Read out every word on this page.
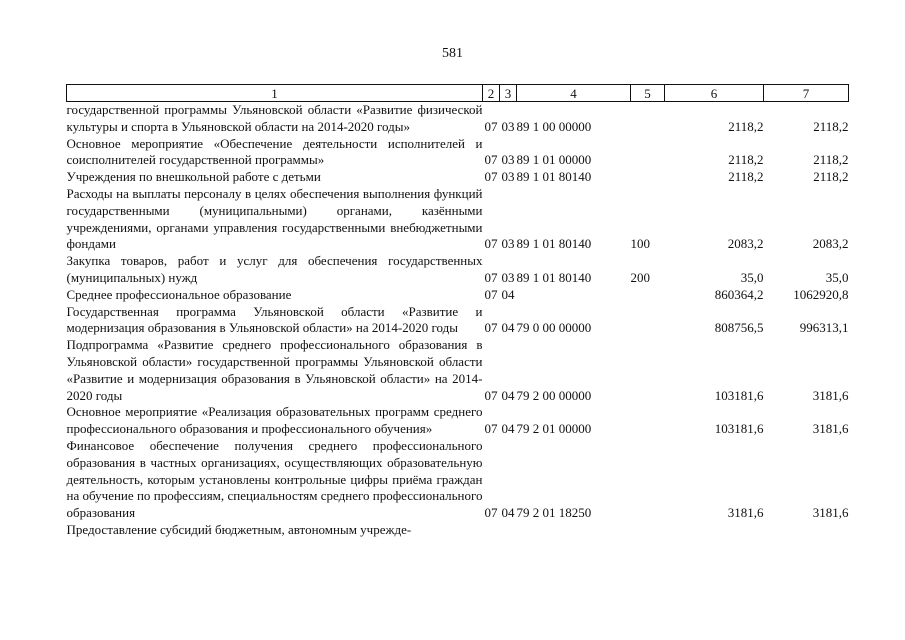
581
1	2	3	4	5	6	7
государственной программы Ульяновской области «Развитие физической культуры и спорта в Ульяновской области на 2014-2020 годы»	07	03	89 1 00 00000		2118,2	2118,2
Основное мероприятие «Обеспечение деятельности исполнителей и соисполнителей государственной программы»	07	03	89 1 01 00000		2118,2	2118,2
Учреждения по внешкольной работе с детьми	07	03	89 1 01 80140		2118,2	2118,2
Расходы на выплаты персоналу в целях обеспечения выполнения функций государственными (муниципальными) органами, казёнными учреждениями, органами управления государственными внебюджетными фондами	07	03	89 1 01 80140	100	2083,2	2083,2
Закупка товаров, работ и услуг для обеспечения государственных (муниципальных) нужд	07	03	89 1 01 80140	200	35,0	35,0
Среднее профессиональное образование	07	04			860364,2	1062920,8
Государственная программа Ульяновской области «Развитие и модернизация образования в Ульяновской области» на 2014-2020 годы	07	04	79 0 00 00000		808756,5	996313,1
Подпрограмма «Развитие среднего профессионального образования в Ульяновской области» государственной программы Ульяновской области «Развитие и модернизация образования в Ульяновской области» на 2014-2020 годы	07	04	79 2 00 00000		103181,6	3181,6
Основное мероприятие «Реализация образовательных программ среднего профессионального образования и профессионального обучения»	07	04	79 2 01 00000		103181,6	3181,6
Финансовое обеспечение получения среднего профессионального образования в частных организациях, осуществляющих образовательную деятельность, которым установлены контрольные цифры приёма граждан на обучение по профессиям, специальностям среднего профессионального образования	07	04	79 2 01 18250		3181,6	3181,6
Предоставление субсидий бюджетным, автономным учрежде-						
